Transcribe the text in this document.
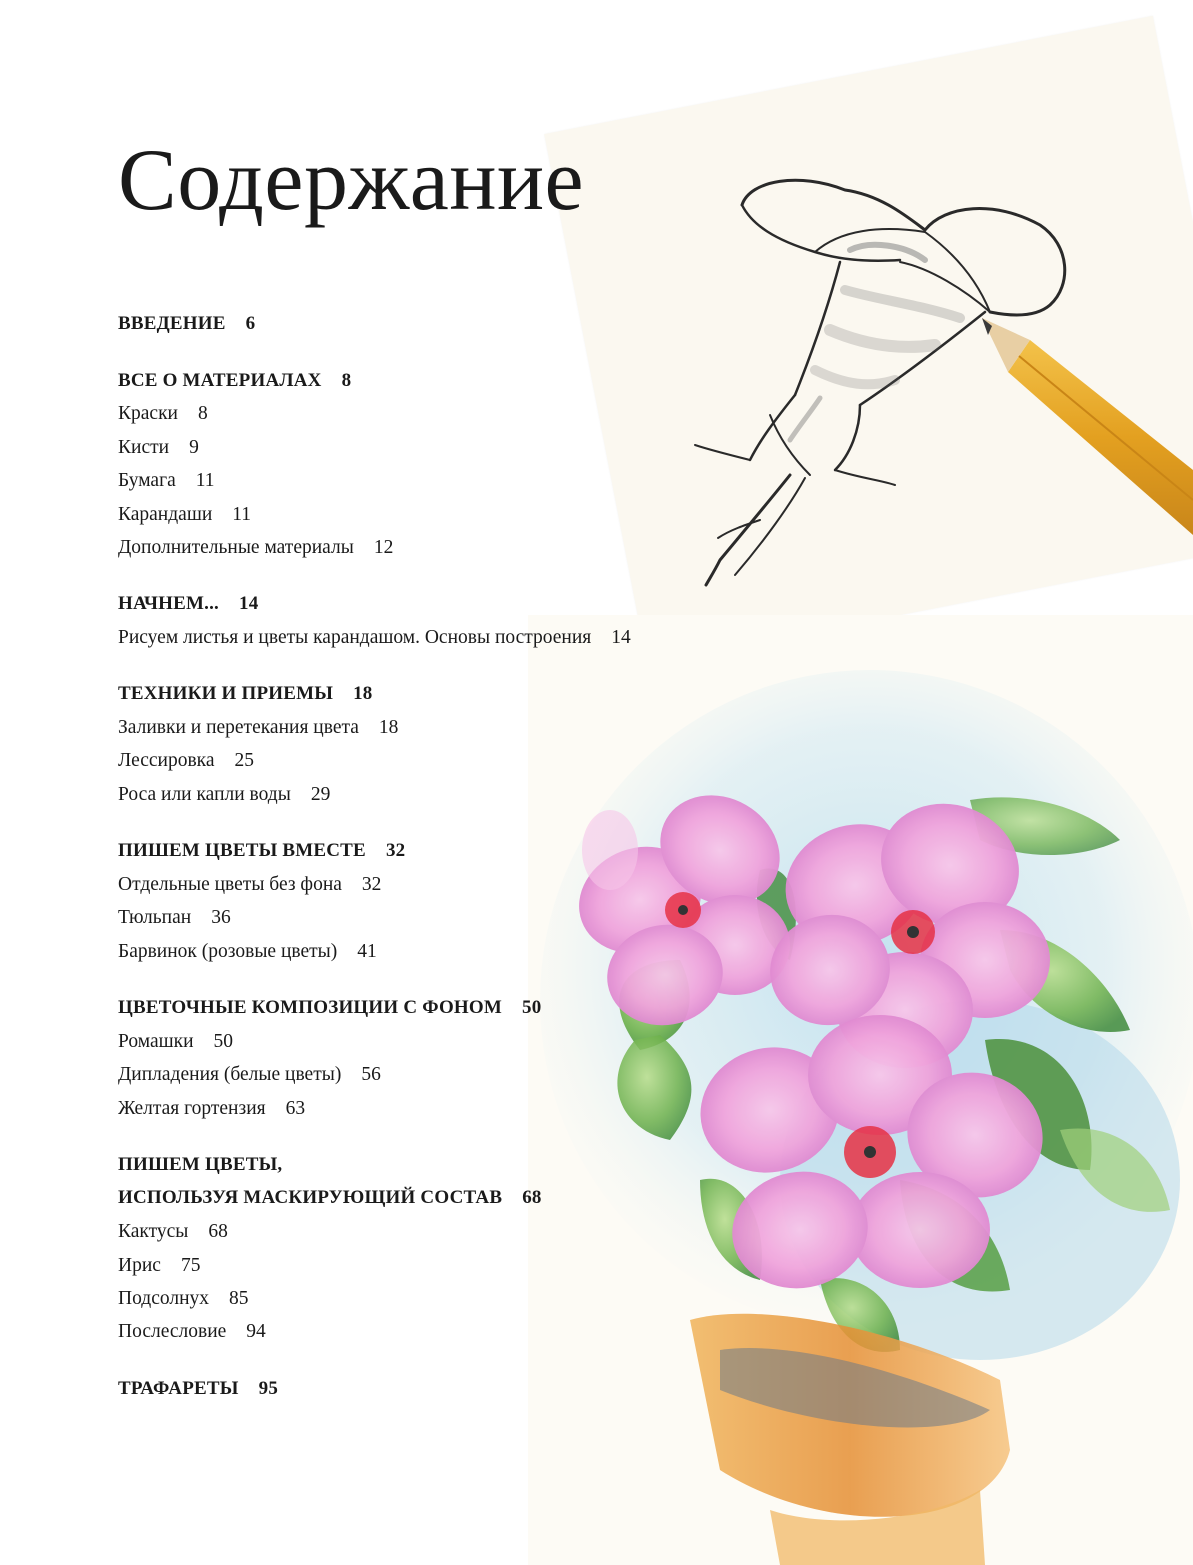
Содержание
ВВЕДЕНИЕ 6
ВСЕ О МАТЕРИАЛАХ 8
Краски 8
Кисти 9
Бумага 11
Карандаши 11
Дополнительные материалы 12
НАЧНЕМ... 14
Рисуем листья и цветы карандашом. Основы построения 14
ТЕХНИКИ И ПРИЕМЫ 18
Заливки и перетекания цвета 18
Лессировка 25
Роса или капли воды 29
ПИШЕМ ЦВЕТЫ ВМЕСТЕ 32
Отдельные цветы без фона 32
Тюльпан 36
Барвинок (розовые цветы) 41
ЦВЕТОЧНЫЕ КОМПОЗИЦИИ С ФОНОМ 50
Ромашки 50
Дипладения (белые цветы) 56
Желтая гортензия 63
ПИШЕМ ЦВЕТЫ,
ИСПОЛЬЗУЯ МАСКИРУЮЩИЙ СОСТАВ 68
Кактусы 68
Ирис 75
Подсолнух 85
Послесловие 94
ТРАФАРЕТЫ 95
